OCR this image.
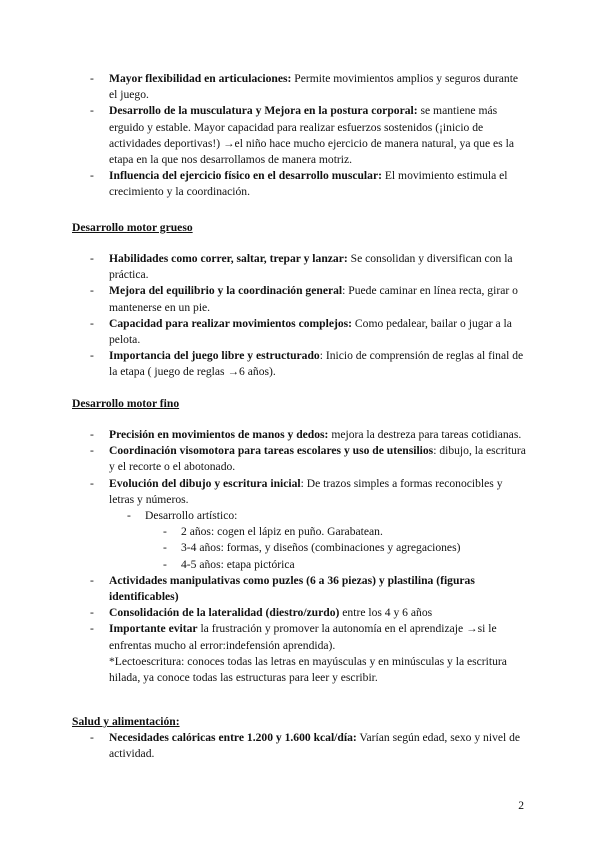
- Mayor flexibilidad en articulaciones: Permite movimientos amplios y seguros durante el juego.
- Desarrollo de la musculatura y Mejora en la postura corporal: se mantiene más erguido y estable. Mayor capacidad para realizar esfuerzos sostenidos (¡inicio de actividades deportivas!) →el niño hace mucho ejercicio de manera natural, ya que es la etapa en la que nos desarrollamos de manera motriz.
- Influencia del ejercicio físico en el desarrollo muscular: El movimiento estimula el crecimiento y la coordinación.
Desarrollo motor grueso
- Habilidades como correr, saltar, trepar y lanzar: Se consolidan y diversifican con la práctica.
- Mejora del equilibrio y la coordinación general: Puede caminar en línea recta, girar o mantenerse en un pie.
- Capacidad para realizar movimientos complejos: Como pedalear, bailar o jugar a la pelota.
- Importancia del juego libre y estructurado: Inicio de comprensión de reglas al final de la etapa ( juego de reglas →6 años).
Desarrollo motor fino
- Precisión en movimientos de manos y dedos: mejora la destreza para tareas cotidianas.
- Coordinación visomotora para tareas escolares y uso de utensilios: dibujo, la escritura y el recorte o el abotonado.
- Evolución del dibujo y escritura inicial: De trazos simples a formas reconocibles y letras y números.
- Desarrollo artístico:
- 2 años: cogen el lápiz en puño. Garabatean.
- 3-4 años: formas, y diseños (combinaciones y agregaciones)
- 4-5 años: etapa pictórica
- Actividades manipulativas como puzles (6 a 36 piezas) y plastilina (figuras identificables)
- Consolidación de la lateralidad (diestro/zurdo) entre los 4 y 6 años
- Importante evitar la frustración y promover la autonomía en el aprendizaje →si le enfrentas mucho al error:indefensión aprendida).
*Lectoescritura: conoces todas las letras en mayúsculas y en minúsculas y la escritura hilada, ya conoce todas las estructuras para leer y escribir.
Salud y alimentación:
- Necesidades calóricas entre 1.200 y 1.600 kcal/día: Varían según edad, sexo y nivel de actividad.
2
